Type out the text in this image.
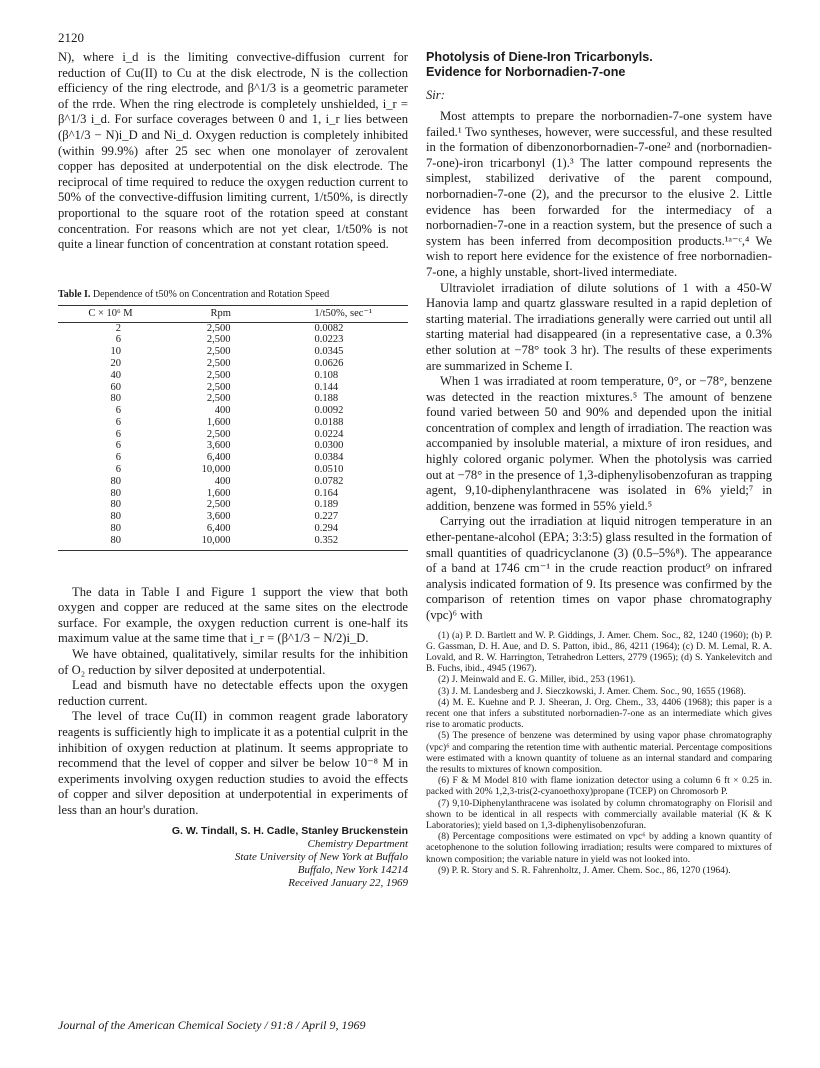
2120

N), where i_d is the limiting convective-diffusion current for reduction of Cu(II) to Cu at the disk electrode, N is the collection efficiency of the ring electrode, and β^1/3 is a geometric parameter of the rrde. When the ring electrode is completely unshielded, i_r = β^1/3 i_d. For surface coverages between 0 and 1, i_r lies between (β^1/3 − N)i_D and Ni_d. Oxygen reduction is completely inhibited (within 99.9%) after 25 sec when one monolayer of zerovalent copper has deposited at underpotential on the disk electrode. The reciprocal of time required to reduce the oxygen reduction current to 50% of the convective-diffusion limiting current, 1/t50%, is directly proportional to the square root of the rotation speed at constant concentration. For reasons which are not yet clear, 1/t50% is not quite a linear function of concentration at constant rotation speed.

Table I. Dependence of t50% on Concentration and Rotation Speed
C × 10⁶ M	Rpm	1/t50%, sec⁻¹
2	2,500	0.0082
6	2,500	0.0223
10	2,500	0.0345
20	2,500	0.0626
40	2,500	0.108
60	2,500	0.144
80	2,500	0.188
6	400	0.0092
6	1,600	0.0188
6	2,500	0.0224
6	3,600	0.0300
6	6,400	0.0384
6	10,000	0.0510
80	400	0.0782
80	1,600	0.164
80	2,500	0.189
80	3,600	0.227
80	6,400	0.294
80	10,000	0.352

The data in Table I and Figure 1 support the view that both oxygen and copper are reduced at the same sites on the electrode surface. For example, the oxygen reduction current is one-half its maximum value at the same time that i_r = (β^1/3 − N/2)i_D.

We have obtained, qualitatively, similar results for the inhibition of O₂ reduction by silver deposited at underpotential.

Lead and bismuth have no detectable effects upon the oxygen reduction current.

The level of trace Cu(II) in common reagent grade laboratory reagents is sufficiently high to implicate it as a potential culprit in the inhibition of oxygen reduction at platinum. It seems appropriate to recommend that the level of copper and silver be below 10⁻⁸ M in experiments involving oxygen reduction studies to avoid the effects of copper and silver deposition at underpotential in experiments of less than an hour's duration.

G. W. Tindall, S. H. Cadle, Stanley Bruckenstein
Chemistry Department
State University of New York at Buffalo
Buffalo, New York 14214
Received January 22, 1969
Photolysis of Diene-Iron Tricarbonyls.
Evidence for Norbornadien-7-one
Sir:

Most attempts to prepare the norbornadien-7-one system have failed.¹ Two syntheses, however, were successful, and these resulted in the formation of dibenzonorbornadien-7-one² and (norbornadien-7-one)-iron tricarbonyl (1).³ The latter compound represents the simplest, stabilized derivative of the parent compound, norbornadien-7-one (2), and the precursor to the elusive 2. Little evidence has been forwarded for the intermediacy of a norbornadien-7-one in a reaction system, but the presence of such a system has been inferred from decomposition products.¹ᵃ⁻ᶜ,⁴ We wish to report here evidence for the existence of free norbornadien-7-one, a highly unstable, short-lived intermediate.

Ultraviolet irradiation of dilute solutions of 1 with a 450-W Hanovia lamp and quartz glassware resulted in a rapid depletion of starting material. The irradiations generally were carried out until all starting material had disappeared (in a representative case, a 0.3% ether solution at −78° took 3 hr). The results of these experiments are summarized in Scheme I.

When 1 was irradiated at room temperature, 0°, or −78°, benzene was detected in the reaction mixtures.⁵ The amount of benzene found varied between 50 and 90% and depended upon the initial concentration of complex and length of irradiation. The reaction was accompanied by insoluble material, a mixture of iron residues, and highly colored organic polymer. When the photolysis was carried out at −78° in the presence of 1,3-diphenylisobenzofuran as trapping agent, 9,10-diphenylanthracene was isolated in 6% yield;⁷ in addition, benzene was formed in 55% yield.⁵

Carrying out the irradiation at liquid nitrogen temperature in an ether-pentane-alcohol (EPA; 3:3:5) glass resulted in the formation of small quantities of quadricyclanone (3) (0.5–5%⁸). The appearance of a band at 1746 cm⁻¹ in the crude reaction product⁹ on infrared analysis indicated formation of 9. Its presence was confirmed by the comparison of retention times on vapor phase chromatography (vpc)⁶ with

(1) (a) P. D. Bartlett and W. P. Giddings, J. Amer. Chem. Soc., 82, 1240 (1960); (b) P. G. Gassman, D. H. Aue, and D. S. Patton, ibid., 86, 4211 (1964); (c) D. M. Lemal, R. A. Lovald, and R. W. Harrington, Tetrahedron Letters, 2779 (1965); (d) S. Yankelevitch and B. Fuchs, ibid., 4945 (1967).

(2) J. Meinwald and E. G. Miller, ibid., 253 (1961).

(3) J. M. Landesberg and J. Sieczkowski, J. Amer. Chem. Soc., 90, 1655 (1968).

(4) M. E. Kuehne and P. J. Sheeran, J. Org. Chem., 33, 4406 (1968); this paper is a recent one that infers a substituted norbornadien-7-one as an intermediate which gives rise to aromatic products.

(5) The presence of benzene was determined by using vapor phase chromatography (vpc)⁶ and comparing the retention time with authentic material. Percentage compositions were estimated with a known quantity of toluene as an internal standard and comparing the results to mixtures of known composition.

(6) F & M Model 810 with flame ionization detector using a column 6 ft × 0.25 in. packed with 20% 1,2,3-tris(2-cyanoethoxy)propane (TCEP) on Chromosorb P.

(7) 9,10-Diphenylanthracene was isolated by column chromatography on Florisil and shown to be identical in all respects with commercially available material (K & K Laboratories); yield based on 1,3-diphenylisobenzofuran.

(8) Percentage compositions were estimated on vpc⁶ by adding a known quantity of acetophenone to the solution following irradiation; results were compared to mixtures of known composition; the variable nature in yield was not looked into.

(9) P. R. Story and S. R. Fahrenholtz, J. Amer. Chem. Soc., 86, 1270 (1964).

Journal of the American Chemical Society / 91:8 / April 9, 1969
